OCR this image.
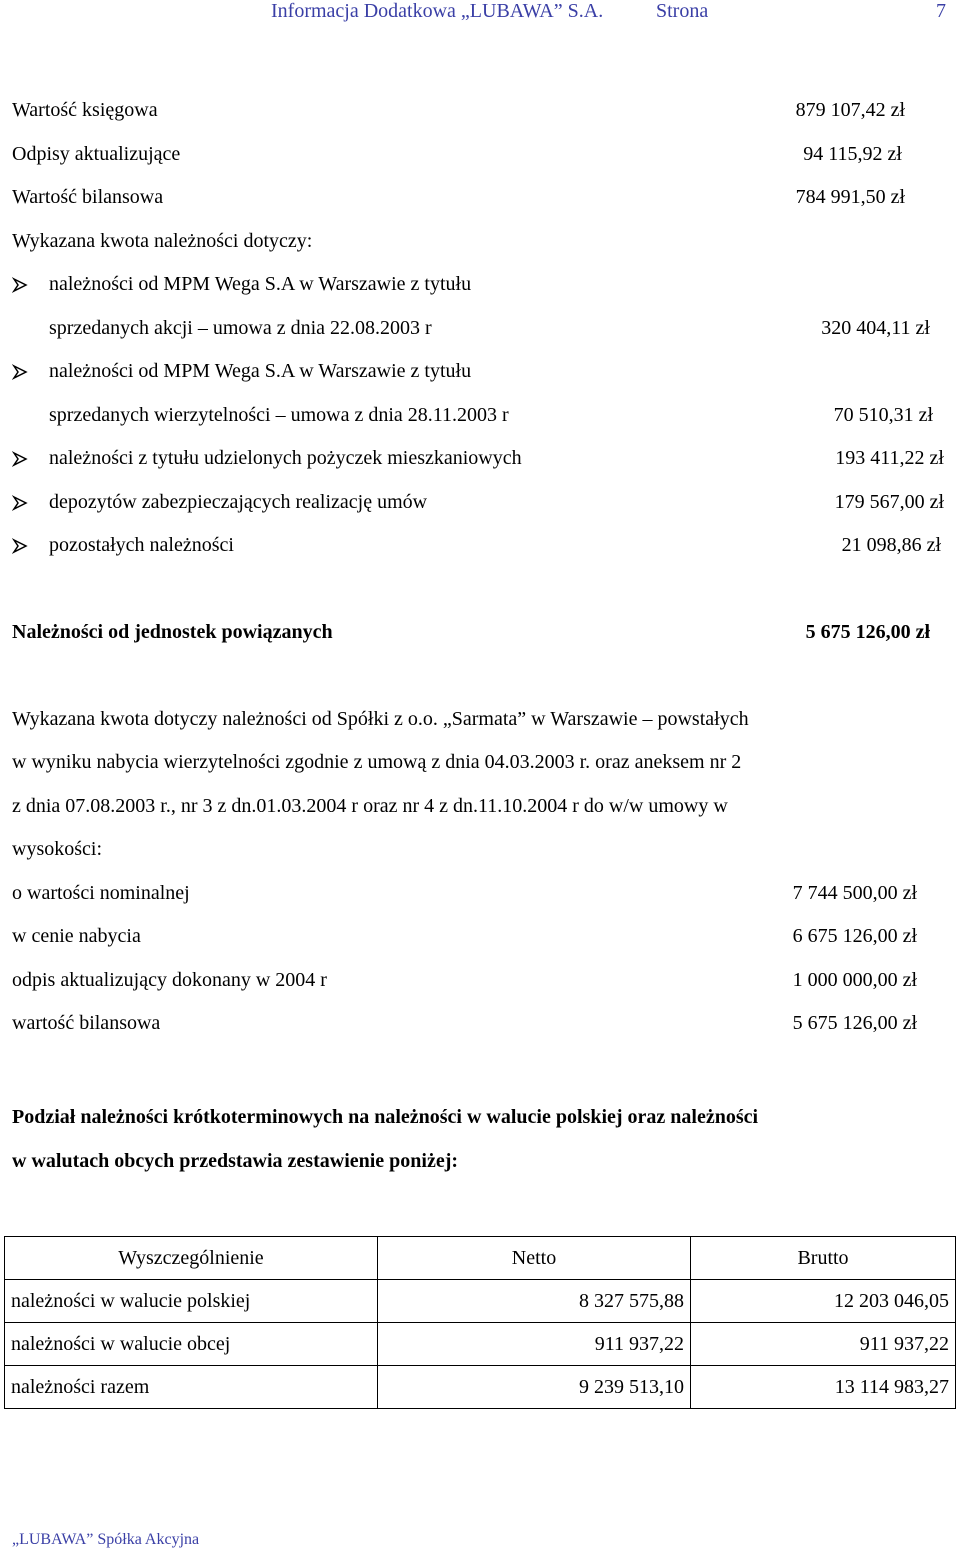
Informacja Dodatkowa „LUBAWA” S.A.	Strona	7
Wartość księgowa	879 107,42 zł
Odpisy aktualizujące	94 115,92 zł
Wartość bilansowa	784 991,50 zł
Wykazana kwota należności dotyczy:
należności od MPM Wega S.A w Warszawie z tytułu
sprzedanych akcji – umowa z dnia 22.08.2003 r	320 404,11 zł
należności od MPM Wega S.A w Warszawie z tytułu
sprzedanych wierzytelności – umowa z dnia 28.11.2003 r	70 510,31 zł
należności z tytułu udzielonych pożyczek mieszkaniowych	193 411,22 zł
depozytów zabezpieczających realizację umów	179 567,00 zł
pozostałych należności	21 098,86 zł
Należności od jednostek powiązanych	5 675 126,00 zł
Wykazana kwota dotyczy należności od Spółki z o.o. „Sarmata” w Warszawie – powstałych
w wyniku nabycia wierzytelności zgodnie z umową z dnia 04.03.2003 r. oraz aneksem nr 2
z dnia 07.08.2003 r., nr 3 z dn.01.03.2004 r oraz nr 4 z dn.11.10.2004 r do w/w umowy w
wysokości:
o wartości nominalnej	7 744 500,00 zł
w cenie nabycia	6 675 126,00 zł
odpis aktualizujący dokonany w 2004 r	1 000 000,00 zł
wartość bilansowa	5 675 126,00 zł
Podział należności krótkoterminowych na należności w walucie polskiej oraz należności
w walutach obcych przedstawia zestawienie poniżej:
Wyszczególnienie	Netto	Brutto
należności w walucie polskiej	8 327 575,88	12 203 046,05
należności w walucie obcej	911 937,22	911 937,22
należności razem	9 239 513,10	13 114 983,27
„LUBAWA” Spółka Akcyjna
